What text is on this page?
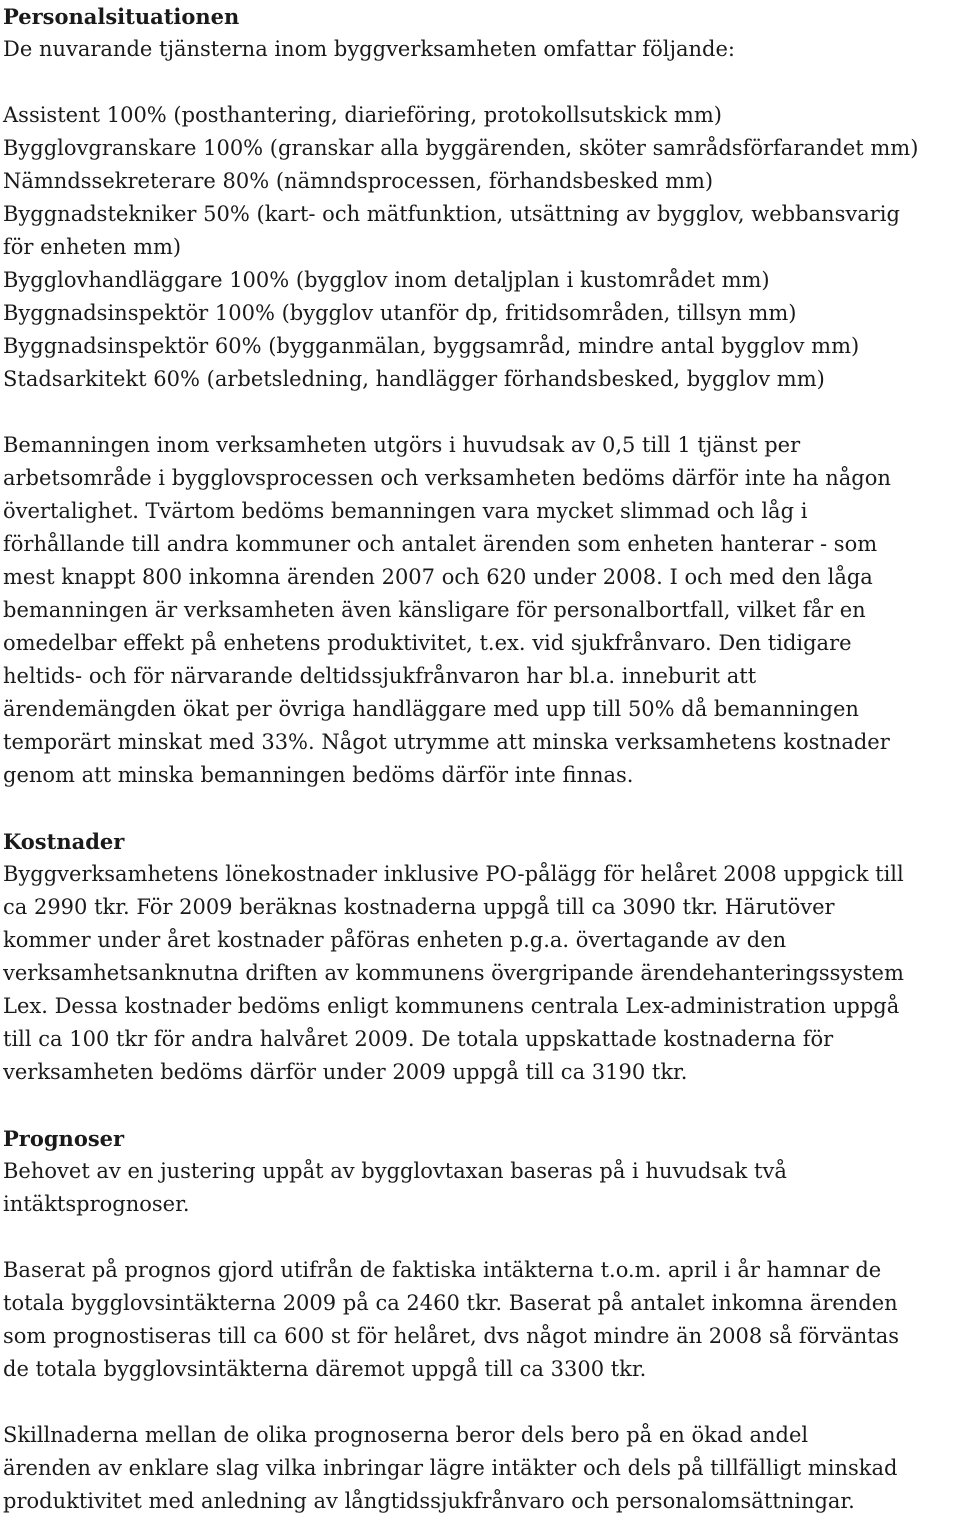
Personalsituationen

De nuvarande tjänsterna inom byggverksamheten omfattar följande:

Assistent 100% (posthantering, diarieföring, protokollsutskick mm)
Bygglovgranskare 100% (granskar alla byggärenden, sköter samrådsförfarandet mm)
Nämndssekreterare 80% (nämndsprocessen, förhandsbesked mm)
Byggnadstekniker 50% (kart- och mätfunktion, utsättning av bygglov, webbansvarig
för enheten mm)
Bygglovhandläggare 100% (bygglov inom detaljplan i kustområdet mm)
Byggnadsinspektör 100% (bygglov utanför dp, fritidsområden, tillsyn mm)
Byggnadsinspektör 60% (bygganmälan, byggsamråd, mindre antal bygglov mm)
Stadsarkitekt 60% (arbetsledning, handlägger förhandsbesked, bygglov mm)

Bemanningen inom verksamheten utgörs i huvudsak av 0,5 till 1 tjänst per
arbetsområde i bygglovsprocessen och verksamheten bedöms därför inte ha någon
övertalighet. Tvärtom bedöms bemanningen vara mycket slimmad och låg i
förhållande till andra kommuner och antalet ärenden som enheten hanterar - som
mest knappt 800 inkomna ärenden 2007 och 620 under 2008. I och med den låga
bemanningen är verksamheten även känsligare för personalbortfall, vilket får en
omedelbar effekt på enhetens produktivitet, t.ex. vid sjukfrånvaro. Den tidigare
heltids- och för närvarande deltidssjukfrånvaron har bl.a. inneburit att
ärendemängden ökat per övriga handläggare med upp till 50% då bemanningen
temporärt minskat med 33%. Något utrymme att minska verksamhetens kostnader
genom att minska bemanningen bedöms därför inte finnas.

Kostnader

Byggverksamhetens lönekostnader inklusive PO-pålägg för helåret 2008 uppgick till
ca 2990 tkr. För 2009 beräknas kostnaderna uppgå till ca 3090 tkr. Härutöver
kommer under året kostnader påföras enheten p.g.a. övertagande av den
verksamhetsanknutna driften av kommunens övergripande ärendehanteringssystem
Lex. Dessa kostnader bedöms enligt kommunens centrala Lex-administration uppgå
till ca 100 tkr för andra halvåret 2009. De totala uppskattade kostnaderna för
verksamheten bedöms därför under 2009 uppgå till ca 3190 tkr.

Prognoser

Behovet av en justering uppåt av bygglovtaxan baseras på i huvudsak två
intäktsprognoser.

Baserat på prognos gjord utifrån de faktiska intäkterna t.o.m. april i år hamnar de
totala bygglovsintäkterna 2009 på ca 2460 tkr. Baserat på antalet inkomna ärenden
som prognostiseras till ca 600 st för helåret, dvs något mindre än 2008 så förväntas
de totala bygglovsintäkterna däremot uppgå till ca 3300 tkr.

Skillnaderna mellan de olika prognoserna beror dels bero på en ökad andel
ärenden av enklare slag vilka inbringar lägre intäkter och dels på tillfälligt minskad
produktivitet med anledning av långtidssjukfrånvaro och personalomsättningar.
